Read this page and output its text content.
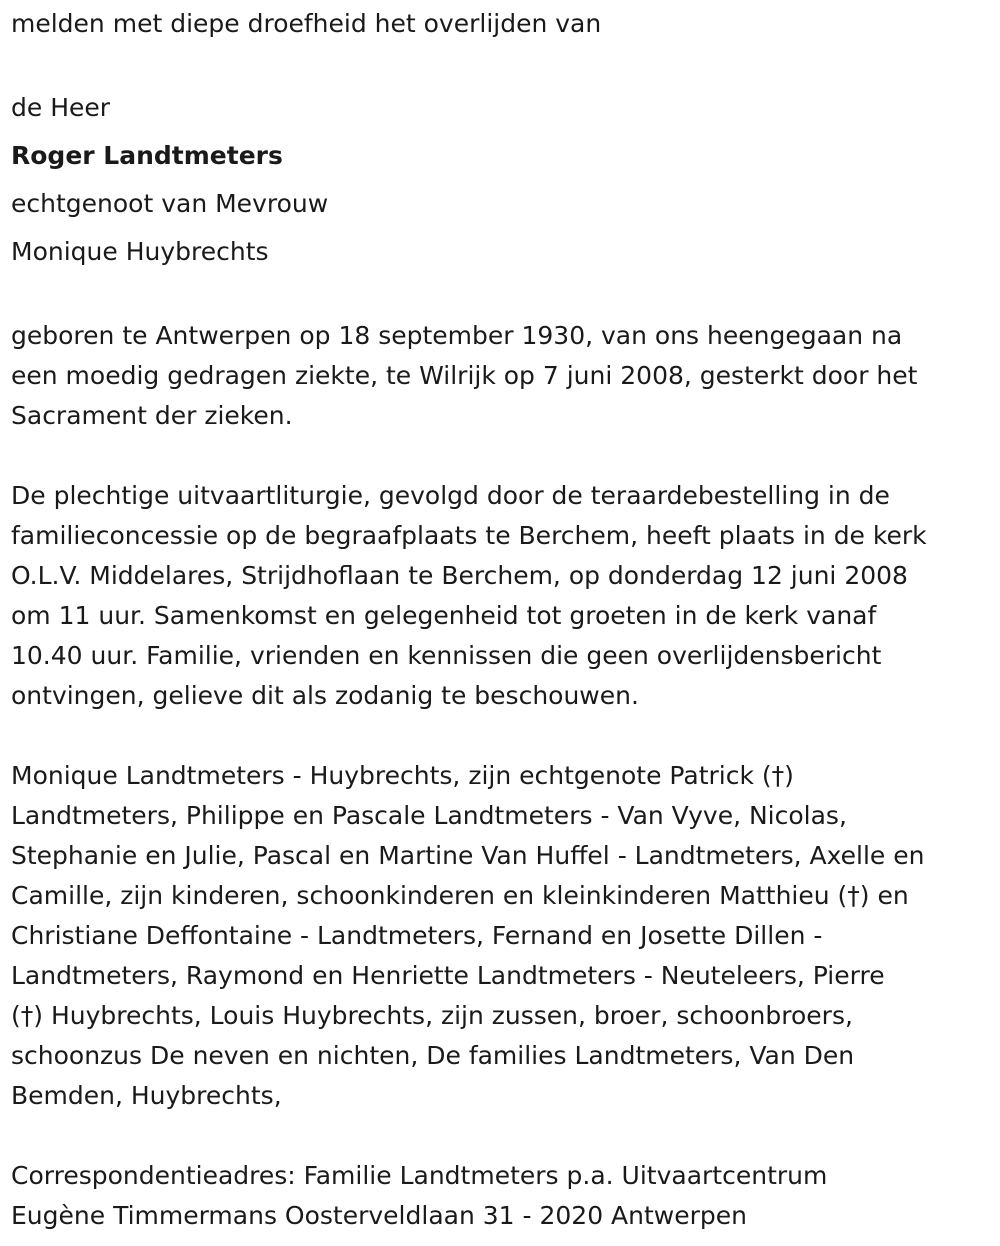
melden met diepe droefheid het overlijden van

de Heer

Roger Landtmeters

echtgenoot van Mevrouw

Monique Huybrechts

geboren te Antwerpen op 18 september 1930, van ons heengegaan na

een moedig gedragen ziekte, te Wilrijk op 7 juni 2008, gesterkt door het

Sacrament der zieken.

De plechtige uitvaartliturgie, gevolgd door de teraardebestelling in de

familieconcessie op de begraafplaats te Berchem, heeft plaats in de kerk

O.L.V. Middelares, Strijdhoflaan te Berchem, op donderdag 12 juni 2008

om 11 uur. Samenkomst en gelegenheid tot groeten in de kerk vanaf

10.40 uur. Familie, vrienden en kennissen die geen overlijdensbericht

ontvingen, gelieve dit als zodanig te beschouwen.

Monique Landtmeters - Huybrechts, zijn echtgenote Patrick (†)

Landtmeters, Philippe en Pascale Landtmeters - Van Vyve, Nicolas,

Stephanie en Julie, Pascal en Martine Van Huffel - Landtmeters, Axelle en

Camille, zijn kinderen, schoonkinderen en kleinkinderen Matthieu (†) en

Christiane Deffontaine - Landtmeters, Fernand en Josette Dillen -

Landtmeters, Raymond en Henriette Landtmeters - Neuteleers, Pierre

(†) Huybrechts, Louis Huybrechts, zijn zussen, broer, schoonbroers,

schoonzus De neven en nichten, De families Landtmeters, Van Den

Bemden, Huybrechts,

Correspondentieadres: Familie Landtmeters p.a. Uitvaartcentrum

Eugène Timmermans Oosterveldlaan 31 - 2020 Antwerpen
